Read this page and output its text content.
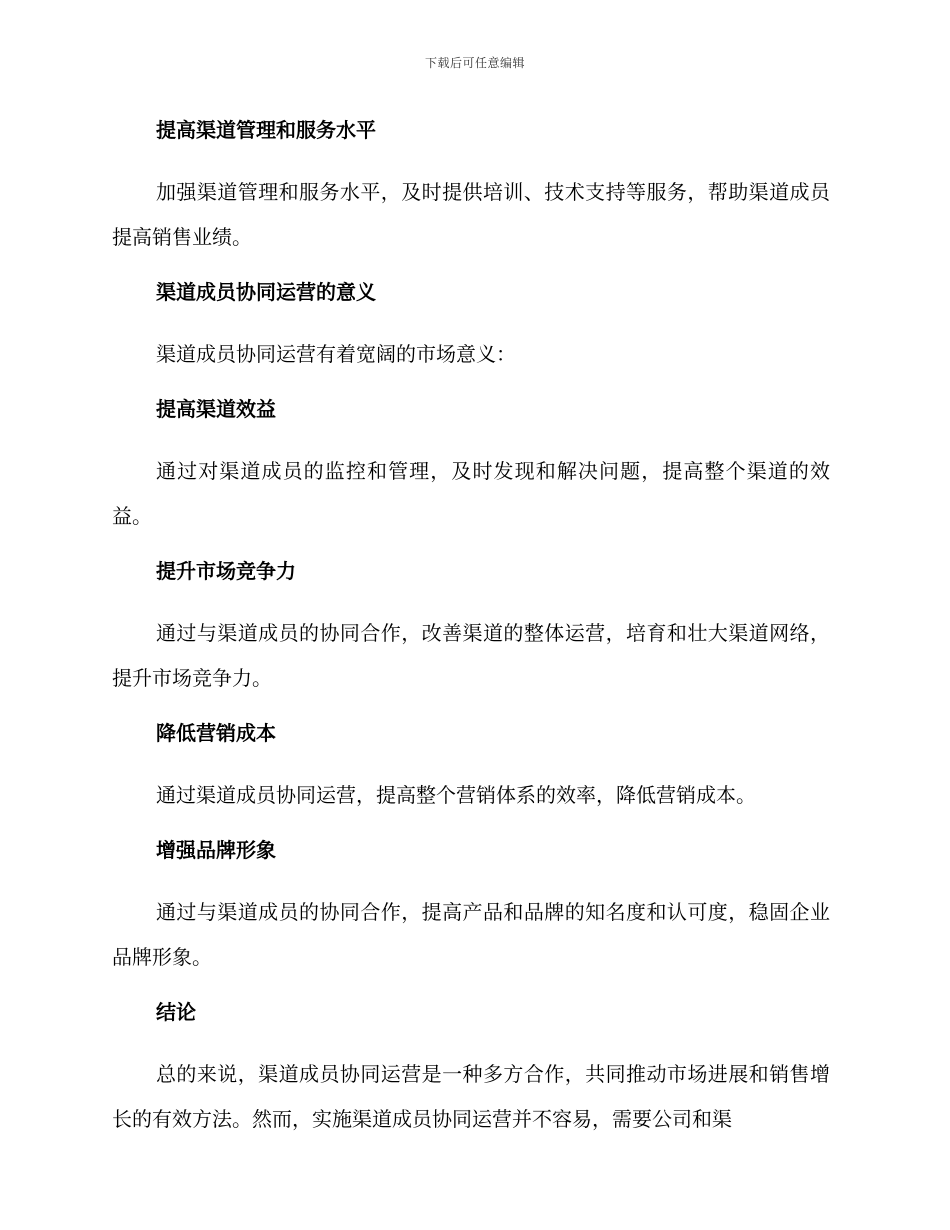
下载后可任意编辑

提高渠道管理和服务水平

加强渠道管理和服务水平，及时提供培训、技术支持等服务，帮助渠道成员提高销售业绩。

渠道成员协同运营的意义

渠道成员协同运营有着宽阔的市场意义：

提高渠道效益

通过对渠道成员的监控和管理，及时发现和解决问题，提高整个渠道的效益。

提升市场竞争力

通过与渠道成员的协同合作，改善渠道的整体运营，培育和壮大渠道网络，提升市场竞争力。

降低营销成本

通过渠道成员协同运营，提高整个营销体系的效率，降低营销成本。

增强品牌形象

通过与渠道成员的协同合作，提高产品和品牌的知名度和认可度，稳固企业品牌形象。

结论

总的来说，渠道成员协同运营是一种多方合作，共同推动市场进展和销售增长的有效方法。然而，实施渠道成员协同运营并不容易，需要公司和渠
